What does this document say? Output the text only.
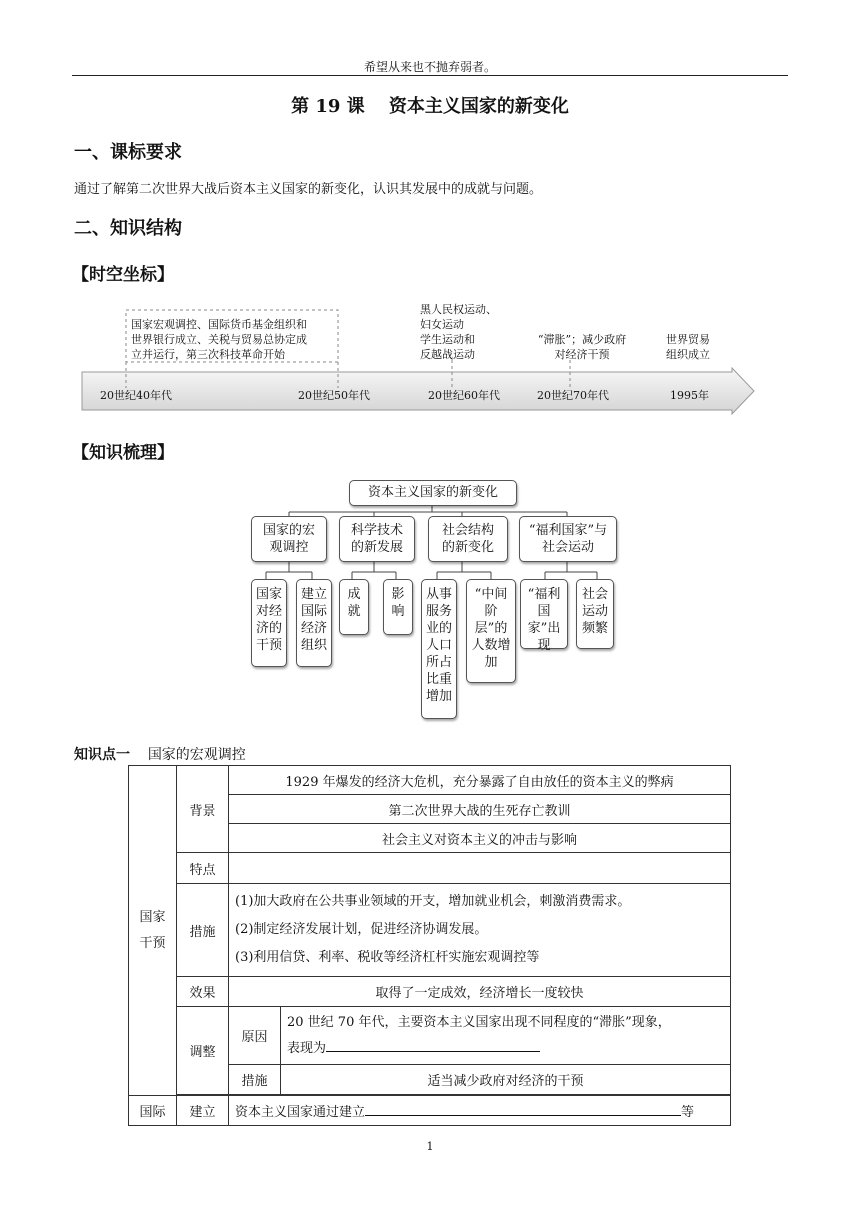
希望从来也不抛弃弱者。
第 19 课　 资本主义国家的新变化
一、课标要求
通过了解第二次世界大战后资本主义国家的新变化，认识其发展中的成就与问题。
二、知识结构
【时空坐标】
国家宏观调控、国际货币基金组织和
世界银行成立、关税与贸易总协定成
立并运行，第三次科技革命开始
黑人民权运动、
妇女运动
学生运动和
反越战运动
“滞胀”；减少政府
对经济干预
世界贸易
组织成立
20世纪40年代	20世纪50年代	20世纪60年代	20世纪70年代	1995年
【知识梳理】
资本主义国家的新变化
国家的宏观调控
科学技术的新发展
社会结构的新变化
“福利国家”与社会运动
国家对经济的干预
建立国际经济组织
成就
影响
从事服务业的人口所占比重增加
“中间阶层”的人数增加
“福利国家”出现
社会运动频繁
知识点一 国家的宏观调控
国家干预	背景	1929 年爆发的经济大危机，充分暴露了自由放任的资本主义的弊病	
		第二次世界大战的生死存亡教训	
		社会主义对资本主义的冲击与影响	
	特点		
	措施	(1)加大政府在公共事业领域的开支，增加就业机会，刺激消费需求。
(2)制定经济发展计划，促进经济协调发展。
(3)利用信贷、利率、税收等经济杠杆实施宏观调控等	

	效果	取得了一定成效，经济增长一度较快	
	调整	原因	20 世纪 70 年代，主要资本主义国家出现不同程度的“滞胀”现象，
表现为

		措施	适当减少政府对经济的干预

国际	建立	资本主义国家通过建立 等	
1
